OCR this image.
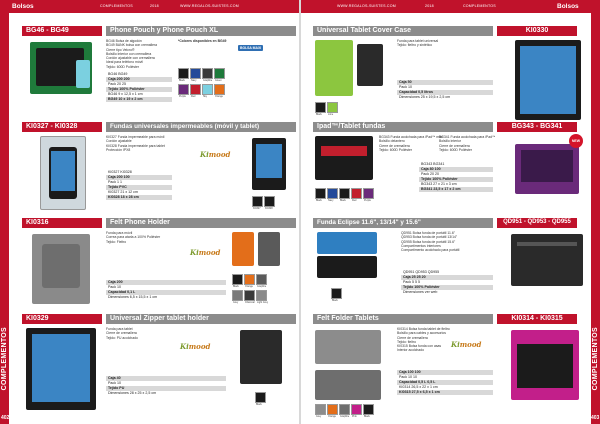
Bolsos	COMPLEMENTOS	2018	WWW.REGALOS-SUISTES.COM
COMPLEMENTOS
402
BG46 - BG49	Phone Pouch y Phone Pouch XL
BG46 Bolsa de algodón
BG49 BANK bolsa con cremallera
Cierre tipo Velcro®
Bolsillo interior con cremallera
Cordón ajustable con cremallera
Ideal para teléfono móvil
Tejido: 600D Poliéster
*Colores disponibles en BG49
BOLSA MAXI
Black	Navy	Graphite Green
Purple Red	Sky	Orange
BG46 BG49
Caja 200 200
Pack 20 25
Tejido 100% Poliéster
BG46 9 x 12,5 x 1 cm
BG49 10 x 19 x 2 cm
KI0327 - KI0328	Fundas universales impermeables (móvil y tablet)
KI0327 Funda impermeable para móvil
Cordón ajustable
KI0328 Funda impermeable para tablet
Protección IPX8
Kimood
KI0327 KI0328
Caja 200 100
Pack 1 1
Tejido PVC
KI0327 21 x 12 cm
KI0328 18 x 28 cm
KI0327 KI0328
KI0316	Felt Phone Holder
Funda para móvil
Correa para atarla a 100% Poliéster
Tejido: Fieltro
Kimood
Black	Orange Graphite
Grey	Charcoal Light Grey
Caja 200
Pack 10
Capacidad 0,1 L
Dimensiones 6,5 x 15,5 x 1 cm
KI0329	Universal Zipper tablet holder
Funda para tablet
Cierre de cremallera
Tejido: PU acolchado
Kimood
Black
Caja 40
Pack 10
Tejido PU
Dimensiones 28 x 25 x 2,5 cm
WWW.REGALOS-SUISTES.COM	2018	COMPLEMENTOS	Bolsos
COMPLEMENTOS
403
Universal Tablet Cover Case	KI0330
Funda para tablet universal
Tejido: fieltro y sintético
Black	Lime
Caja 50
Pack 10
Capacidad 0,5 litros
Dimensiones 25 x 19,5 x 2,5 cm
Ipad™/Tablet fundas	BG343 - BG341
BG343 Funda acolchada para iPad™ mini
Bolsillo delantero
Cierre de cremallera
Tejido: 600D Poliéster
BG341 Funda acolchada para iPad™
Bolsillo interior
Cierre de cremallera
Tejido: 600D Poliéster
Black	Navy	Black	Red	Purple
BG343 BG341
Caja 80 100
Pack 20 20
Tejido 100% Poliéster
BG343 27 x 21 x 3 cm
BG341 23,5 x 17 x 2 cm
NEW
Funda Eclipse 11.6", 13/14" y 15.6"	QD951 - QD953 - QD955
QD951 Bolsa funda de portátil 11.6"
QD953 Bolsa funda de portátil 13/14"
QD955 Bolsa funda de portátil 15.6"
Compartimentos interiores
Compartimento acolchado para portátil
Black
QD951 QD953 QD955
Caja 25 25 20
Pack 5 5 5
Tejido 100% Poliéster
Dimensiones ver web
Felt Folder Tablets	KI0314 - KI0315
KI0314 Bolsa funda tablet de fieltro
Bolsillo para cables y accesorios
Cierre de cremallera
Tejido: fieltro
KI0315 Bolsa funda con asas
Interior acolchado
Grey	Orange Graphite Pink	Black
Kimood
Caja 100 100
Pack 10 10
Capacidad 0,5 L 0,5 L
KI0314 26,5 x 22 x 1 cm
KI0315 27,5 x 6,5 x 1 cm
